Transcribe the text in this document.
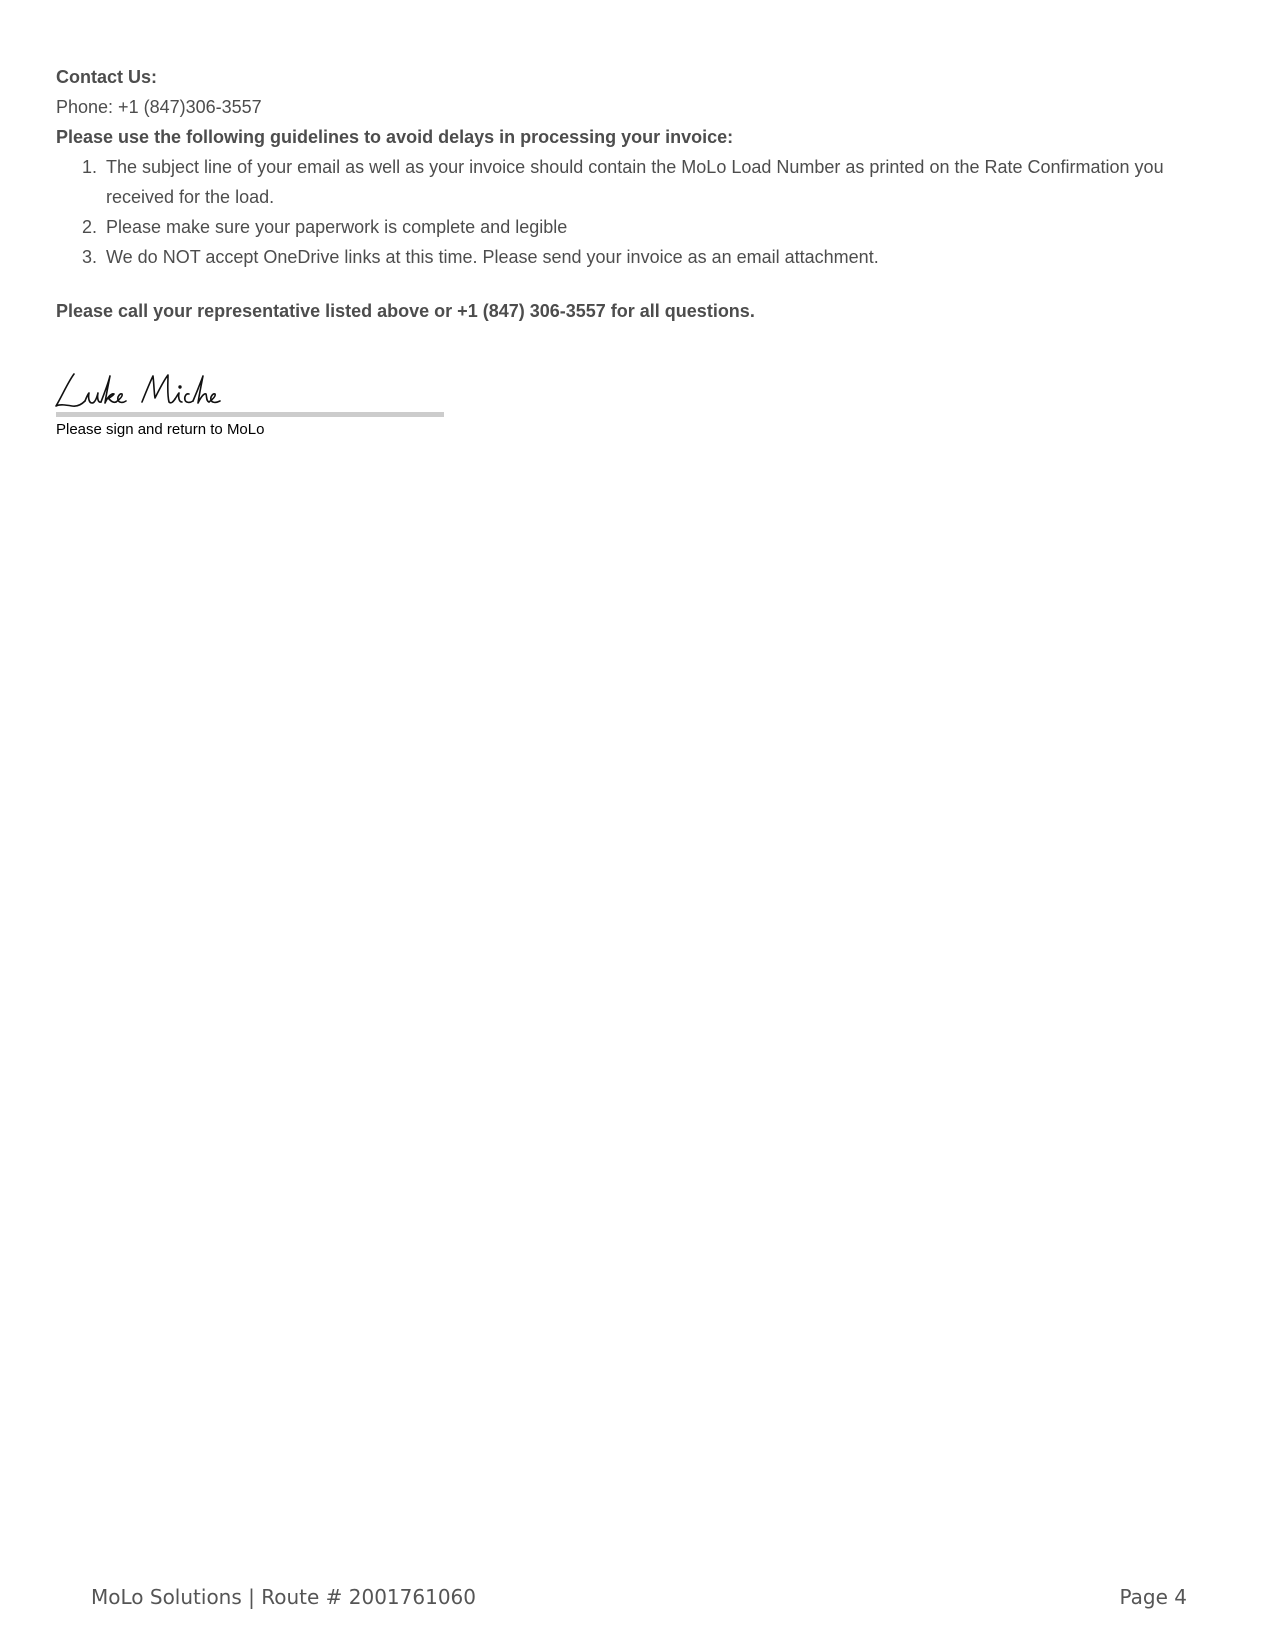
Contact Us:
Phone: +1 (847)306-3557
Please use the following guidelines to avoid delays in processing your invoice:
1. The subject line of your email as well as your invoice should contain the MoLo Load Number as printed on the Rate Confirmation you received for the load.
2. Please make sure your paperwork is complete and legible
3. We do NOT accept OneDrive links at this time. Please send your invoice as an email attachment.
Please call your representative listed above or +1 (847) 306-3557 for all questions.
Please sign and return to MoLo
MoLo Solutions | Route # 2001761060	Page 4
